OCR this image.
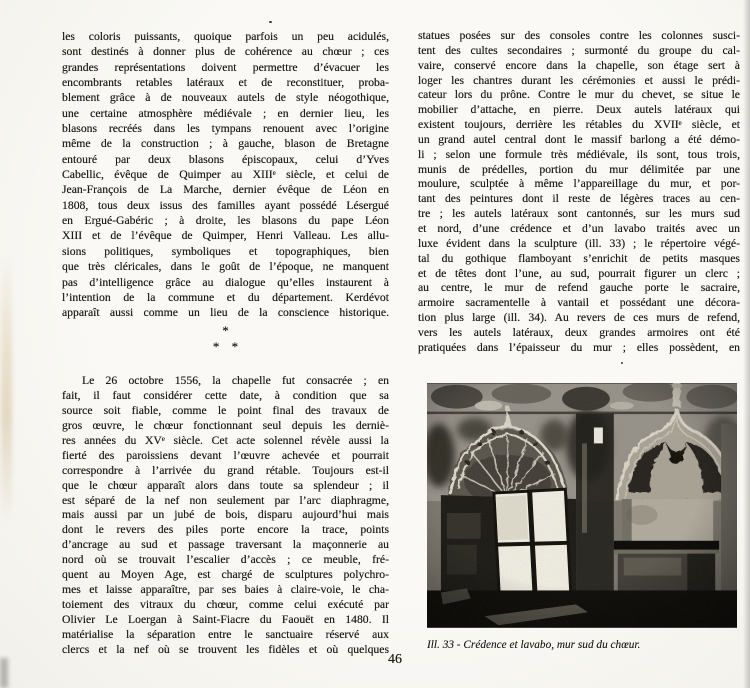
les coloris puissants, quoique parfois un peu acidulés,
sont destinés à donner plus de cohérence au chœur ; ces
grandes représentations doivent permettre d’évacuer les
encombrants retables latéraux et de reconstituer, proba-
blement grâce à de nouveaux autels de style néogothique,
une certaine atmosphère médiévale ; en dernier lieu, les
blasons recréés dans les tympans renouent avec l’origine
même de la construction ; à gauche, blason de Bretagne
entouré par deux blasons épiscopaux, celui d’Yves
Cabellic, évêque de Quimper au XIIIᵉ siècle, et celui de
Jean-François de La Marche, dernier évêque de Léon en
1808, tous deux issus des familles ayant possédé Lésergué
en Ergué-Gabéric ; à droite, les blasons du pape Léon
XIII et de l’évêque de Quimper, Henri Valleau. Les allu-
sions politiques, symboliques et topographiques, bien
que très cléricales, dans le goût de l’époque, ne manquent
pas d’intelligence grâce au dialogue qu’elles instaurent à
l’intention de la commune et du département. Kerdévot
apparaît aussi comme un lieu de la conscience historique.
*
* *
Le 26 octobre 1556, la chapelle fut consacrée ; en
fait, il faut considérer cette date, à condition que sa
source soit fiable, comme le point final des travaux de
gros œuvre, le chœur fonctionnant seul depuis les derniè-
res années du XVᵉ siècle. Cet acte solennel révèle aussi la
fierté des paroissiens devant l’œuvre achevée et pourrait
correspondre à l’arrivée du grand rétable. Toujours est-il
que le chœur apparaît alors dans toute sa splendeur ; il
est séparé de la nef non seulement par l’arc diaphragme,
mais aussi par un jubé de bois, disparu aujourd’hui mais
dont le revers des piles porte encore la trace, points
d’ancrage au sud et passage traversant la maçonnerie au
nord où se trouvait l’escalier d’accès ; ce meuble, fré-
quent au Moyen Age, est chargé de sculptures polychro-
mes et laisse apparaître, par ses baies à claire-voie, le cha-
toiement des vitraux du chœur, comme celui exécuté par
Olivier Le Loergan à Saint-Fiacre du Faouët en 1480. Il
matérialise la séparation entre le sanctuaire réservé aux
clercs et la nef où se trouvent les fidèles et où quelques
statues posées sur des consoles contre les colonnes susci-
tent des cultes secondaires ; surmonté du groupe du cal-
vaire, conservé encore dans la chapelle, son étage sert à
loger les chantres durant les cérémonies et aussi le prédi-
cateur lors du prône. Contre le mur du chevet, se situe le
mobilier d’attache, en pierre. Deux autels latéraux qui
existent toujours, derrière les rétables du XVIIᵉ siècle, et
un grand autel central dont le massif barlong a été démo-
li ; selon une formule très médiévale, ils sont, tous trois,
munis de prédelles, portion du mur délimitée par une
moulure, sculptée à même l’appareillage du mur, et por-
tant des peintures dont il reste de légères traces au cen-
tre ; les autels latéraux sont cantonnés, sur les murs sud
et nord, d’une crédence et d’un lavabo traités avec un
luxe évident dans la sculpture (ill. 33) ; le répertoire végé-
tal du gothique flamboyant s’enrichit de petits masques
et de têtes dont l’une, au sud, pourrait figurer un clerc ;
au centre, le mur de refend gauche porte le sacraire,
armoire sacramentelle à vantail et possédant une décora-
tion plus large (ill. 34). Au revers de ces murs de refend,
vers les autels latéraux, deux grandes armoires ont été
pratiquées dans l’épaisseur du mur ; elles possèdent, en
Ill. 33 - Crédence et lavabo, mur sud du chœur.
46
